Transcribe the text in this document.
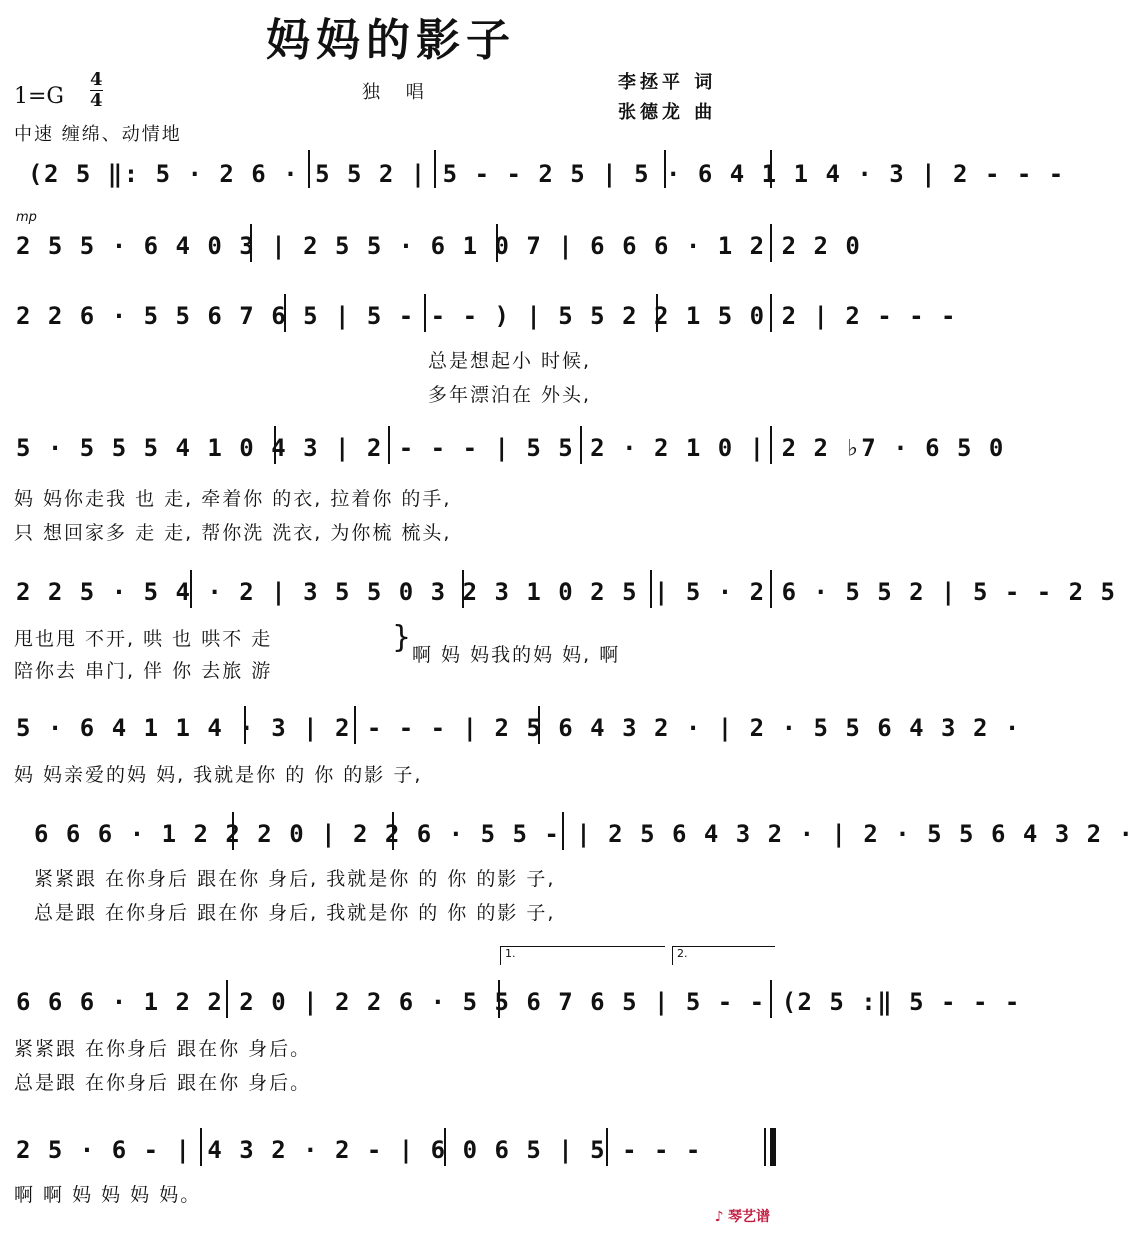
妈妈的影子
1=G
4
4	独 唱	李拯平 词
张德龙 曲
中速 缠绵、动情地
mp
(2 5 ‖: 5 · 2 6 · 5 5 2 | 5 - - 2 5 | 5 · 6 4 1 1 4 · 3 | 2 - - -
2 5 5 · 6 4 0 3 | 2 5 5 · 6 1 0 7 | 6 6 6 · 1 2 2 2 0
2 2 6 · 5 5 6 7 6 5 | 5 - - - ) | 5 5 2 2 1 5 0 2 | 2 - - -
总是想起小 时候,
多年漂泊在 外头,
5 · 5 5 5 4 1 0 4 3 | 2 - - - | 5 5 2 · 2 1 0 | 2 2 ♭7 · 6 5 0
妈 妈你走我 也 走, 牵着你 的衣, 拉着你 的手,
只 想回家多 走 走, 帮你洗 洗衣, 为你梳 梳头,
2 2 5 · 5 4 · 2 | 3 5 5 0 3 2 3 1 0 2 5 | 5 · 2 6 · 5 5 2 | 5 - - 2 5
甩也甩 不开, 哄 也 哄不 走
陪你去 串门, 伴 你 去旅 游
} 啊 妈 妈我的妈 妈, 啊
5 · 6 4 1 1 4 · 3 | 2 - - - | 2 5 6 4 3 2 · | 2 · 5 5 6 4 3 2 ·
妈 妈亲爱的妈 妈, 我就是你 的 你 的影 子,
6 6 6 · 1 2 2 2 0 | 2 2 6 · 5 5 - | 2 5 6 4 3 2 · | 2 · 5 5 6 4 3 2 ·
紧紧跟 在你身后 跟在你 身后, 我就是你 的 你 的影 子,
总是跟 在你身后 跟在你 身后, 我就是你 的 你 的影 子,
1.	2.
6 6 6 · 1 2 2 2 0 | 2 2 6 · 5 5 6 7 6 5 | 5 - - (2 5 :‖ 5 - - -
紧紧跟 在你身后 跟在你 身后。
总是跟 在你身后 跟在你 身后。
2 5 · 6 - | 4 3 2 · 2 - | 6 0 6 5 | 5 - - -
啊 啊 妈 妈 妈 妈。
♪ 琴艺谱
